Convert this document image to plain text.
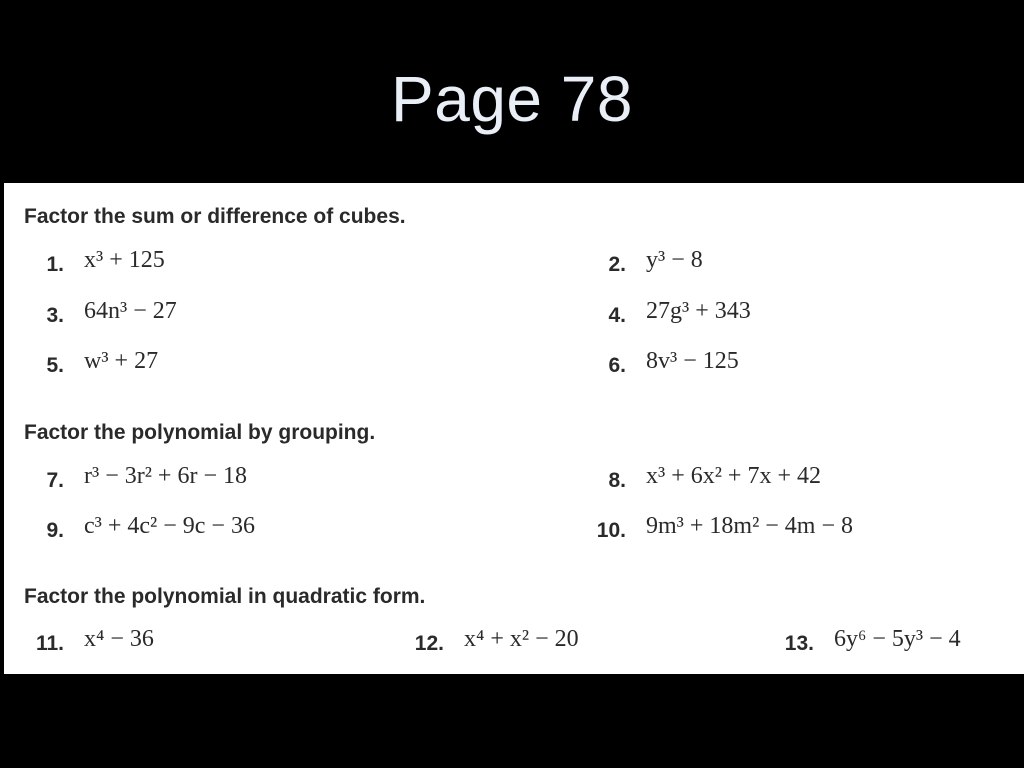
Page 78
Factor the sum or difference of cubes.
1. x³ + 125	2. y³ − 8
3. 64n³ − 27	4. 27g³ + 343
5. w³ + 27	6. 8v³ − 125
Factor the polynomial by grouping.
7. r³ − 3r² + 6r − 18	8. x³ + 6x² + 7x + 42
9. c³ + 4c² − 9c − 36	10. 9m³ + 18m² − 4m − 8
Factor the polynomial in quadratic form.
11. x⁴ − 36	12. x⁴ + x² − 20	13. 6y⁶ − 5y³ − 4
